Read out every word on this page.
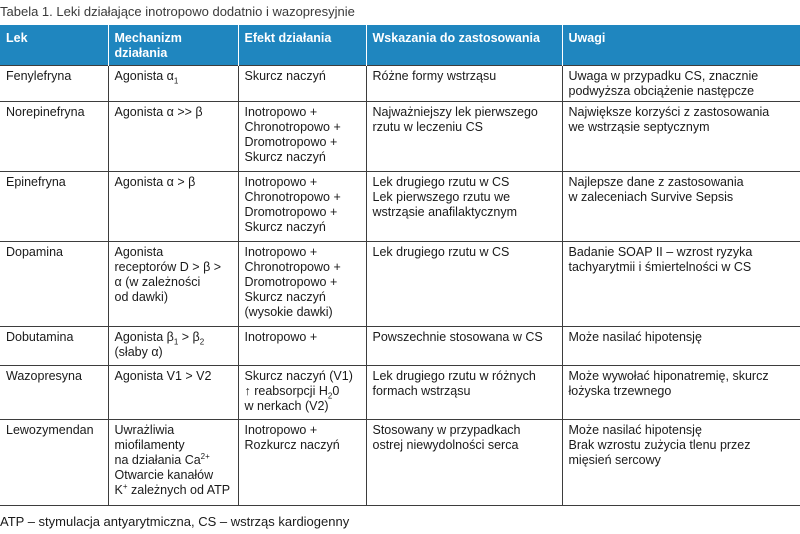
Tabela 1. Leki działające inotropowo dodatnio i wazopresyjnie
Lek	Mechanizm działania	Efekt działania	Wskazania do zastosowania	Uwagi
Fenylefryna	Agonista $\alpha_1$	Skurcz naczyń	Różne formy wstrząsu	Uwaga w przypadku CS, znacznie
podwyższa obciążenie następcze

Norepinefryna	Agonista α >> β	Inotropowo +
Chronotropowo +
Dromotropowo +
Skurcz naczyń	Najważniejszy lek pierwszego
rzutu w leczeniu CS	Największe korzyści z zastosowania
we wstrząsie septycznym

Epinefryna	Agonista α > β	Inotropowo +
Chronotropowo +
Dromotropowo +
Skurcz naczyń	Lek drugiego rzutu w CS
Lek pierwszego rzutu we
wstrząsie anafilaktycznym	Najlepsze dane z zastosowania
w zaleceniach Survive Sepsis

Dopamina	Agonista
receptorów D > β >
α (w zależności
od dawki)	Inotropowo +
Chronotropowo +
Dromotropowo +
Skurcz naczyń
(wysokie dawki)	Lek drugiego rzutu w CS	Badanie SOAP II – wzrost ryzyka
tachyarytmii i śmiertelności w CS

Dobutamina	Agonista $\beta_1 > \beta_2$
(słaby α)	Inotropowo +	Powszechnie stosowana w CS	Może nasilać hipotensję

Wazopresyna	Agonista V1 > V2	Skurcz naczyń (V1)
↑ reabsorpcji $H_20$
w nerkach (V2)	Lek drugiego rzutu w różnych
formach wstrząsu	Może wywołać hiponatremię, skurcz
łożyska trzewnego

Lewozymendan	Uwrażliwia
miofilamenty
na działania $Ca^{2+}$
Otwarcie kanałów
K+ zależnych od ATP	Inotropowo +
Rozkurcz naczyń	Stosowany w przypadkach
ostrej niewydolności serca	Może nasilać hipotensję
Brak wzrostu zużycia tlenu przez
mięsień sercowy
ATP – stymulacja antyarytmiczna, CS – wstrząs kardiogenny
